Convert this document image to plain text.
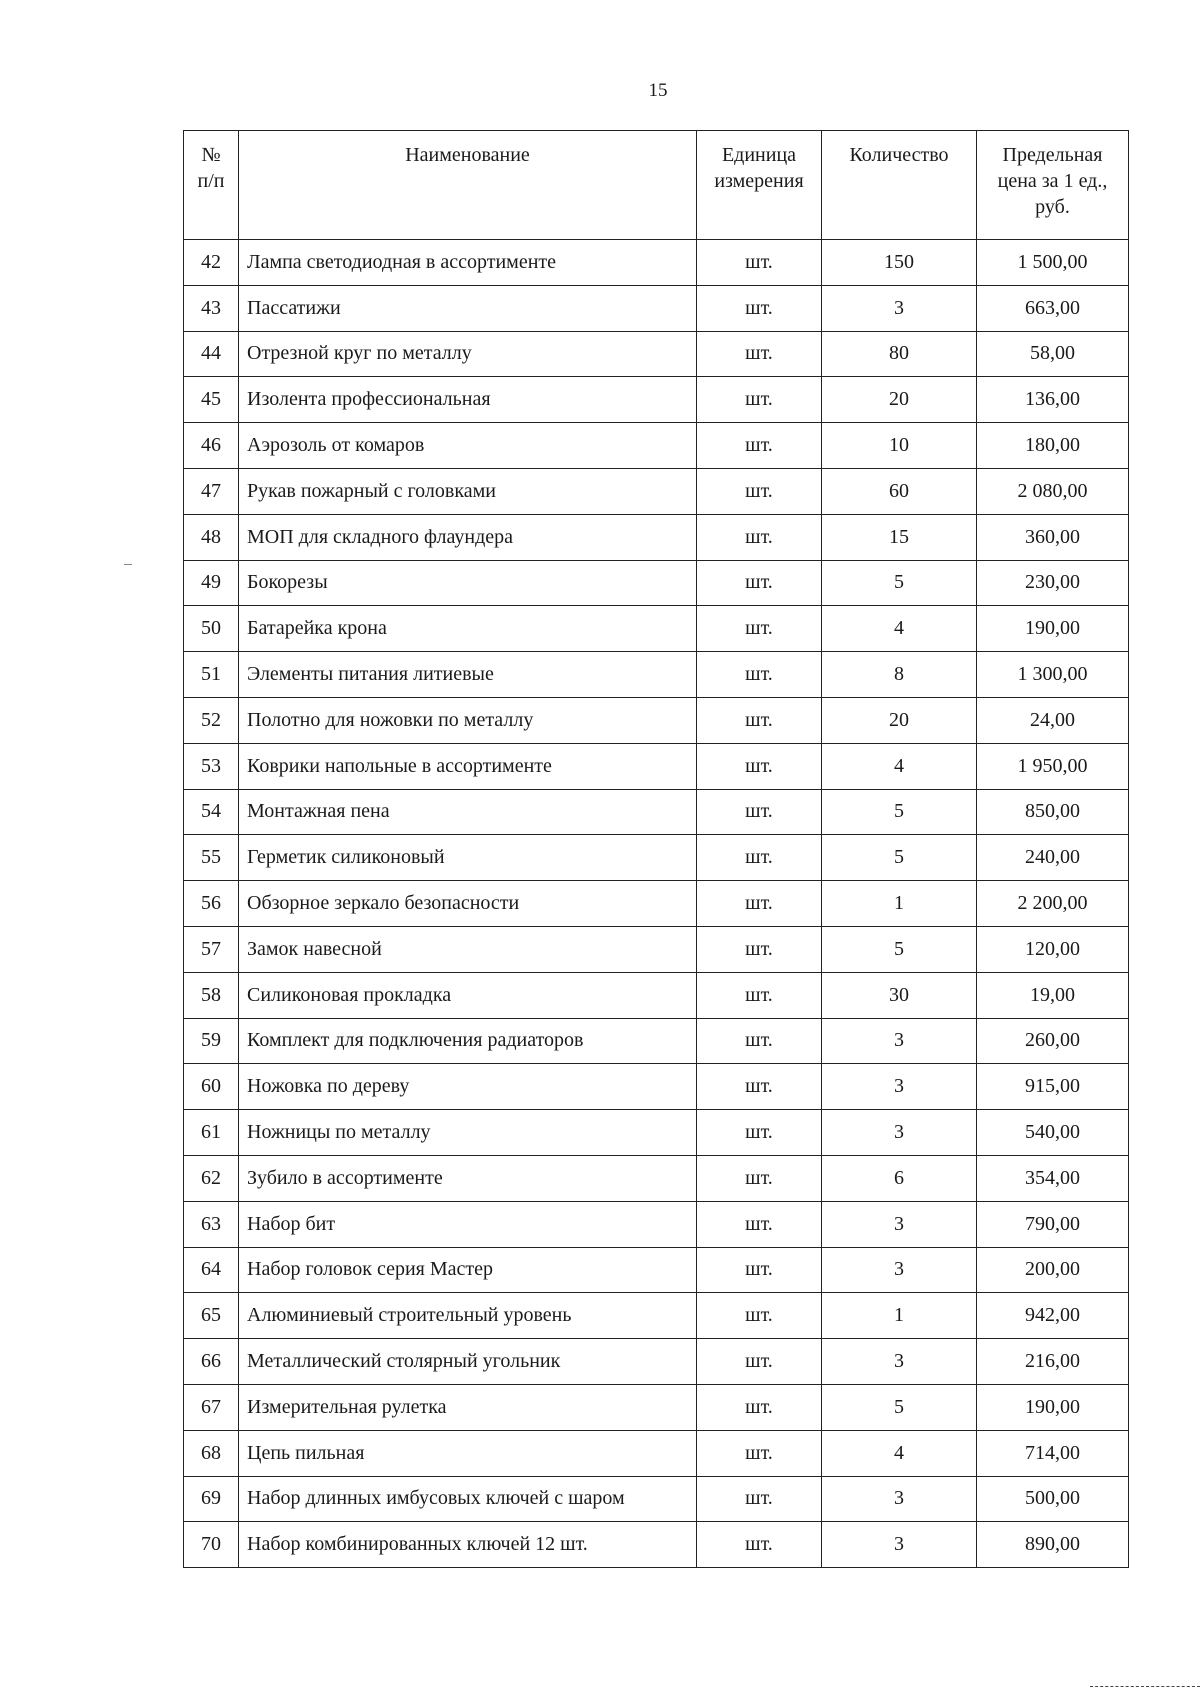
15
№ п/п	Наименование	Единица измерения	Количество	Предельная цена за 1 ед., руб.
42	Лампа светодиодная в ассортименте	шт.	150	1 500,00
43	Пассатижи	шт.	3	663,00
44	Отрезной круг по металлу	шт.	80	58,00
45	Изолента профессиональная	шт.	20	136,00
46	Аэрозоль от комаров	шт.	10	180,00
47	Рукав пожарный с головками	шт.	60	2 080,00
48	МОП для складного флаундера	шт.	15	360,00
49	Бокорезы	шт.	5	230,00
50	Батарейка крона	шт.	4	190,00
51	Элементы питания литиевые	шт.	8	1 300,00
52	Полотно для ножовки по металлу	шт.	20	24,00
53	Коврики напольные в ассортименте	шт.	4	1 950,00
54	Монтажная пена	шт.	5	850,00
55	Герметик силиконовый	шт.	5	240,00
56	Обзорное зеркало безопасности	шт.	1	2 200,00
57	Замок навесной	шт.	5	120,00
58	Силиконовая прокладка	шт.	30	19,00
59	Комплект для подключения радиаторов	шт.	3	260,00
60	Ножовка по дереву	шт.	3	915,00
61	Ножницы по металлу	шт.	3	540,00
62	Зубило в ассортименте	шт.	6	354,00
63	Набор бит	шт.	3	790,00
64	Набор головок серия Мастер	шт.	3	200,00
65	Алюминиевый строительный уровень	шт.	1	942,00
66	Металлический столярный угольник	шт.	3	216,00
67	Измерительная рулетка	шт.	5	190,00
68	Цепь пильная	шт.	4	714,00
69	Набор длинных имбусовых ключей с шаром	шт.	3	500,00
70	Набор комбинированных ключей 12 шт.	шт.	3	890,00
